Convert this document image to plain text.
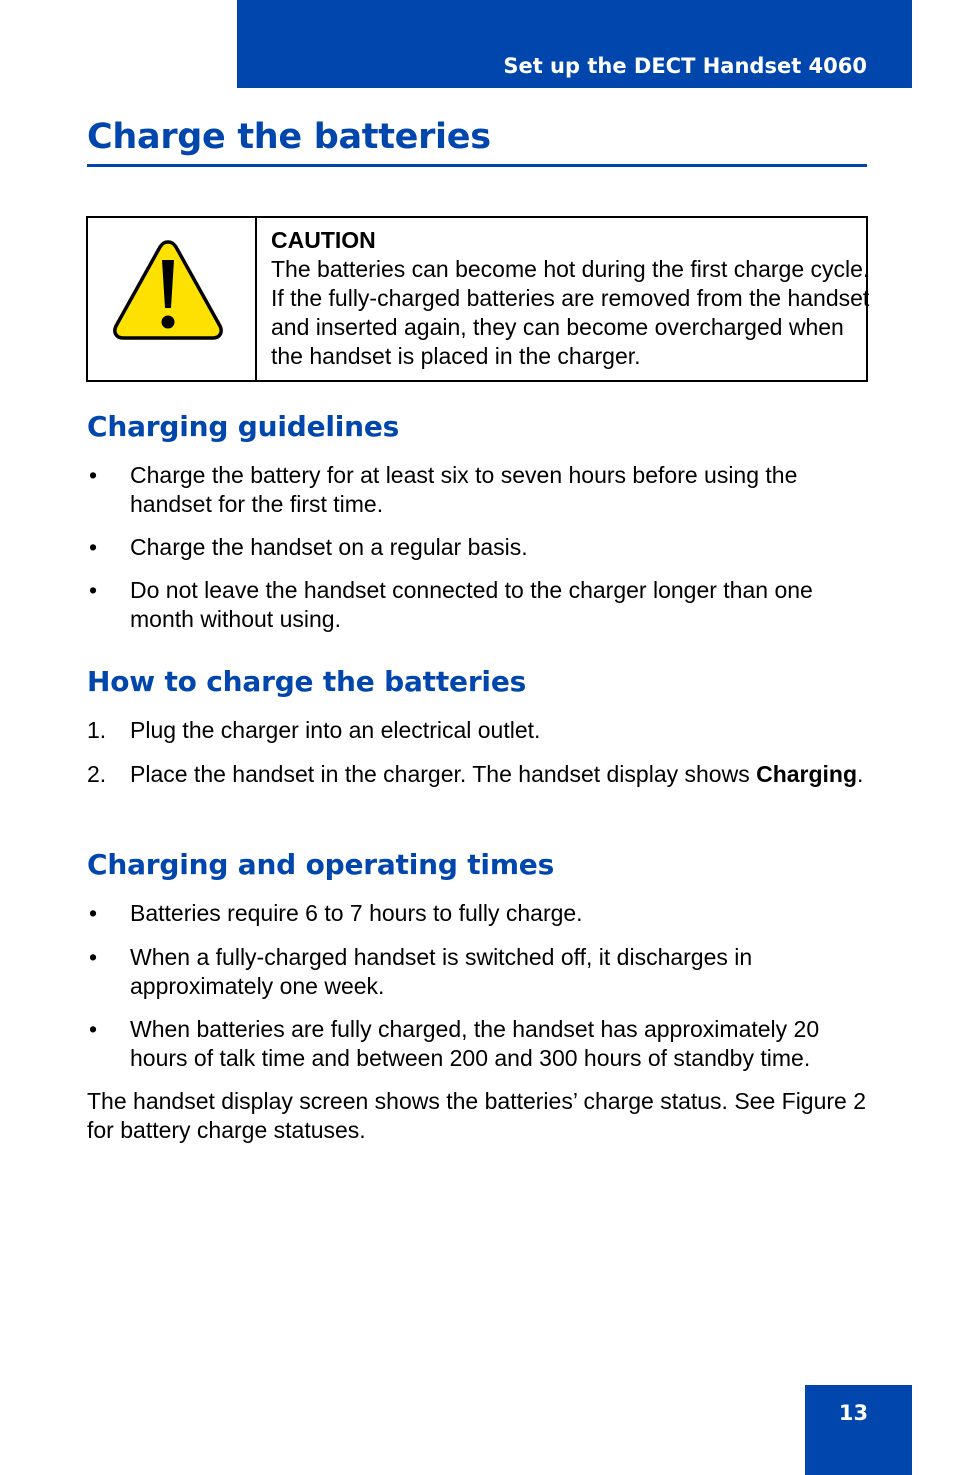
Set up the DECT Handset 4060
Charge the batteries
CAUTION
The batteries can become hot during the first charge cycle. If the fully-charged batteries are removed from the handset and inserted again, they can become overcharged when the handset is placed in the charger.
Charging guidelines
•	Charge the battery for at least six to seven hours before using the handset for the first time.
•	Charge the handset on a regular basis.
•	Do not leave the handset connected to the charger longer than one month without using.
How to charge the batteries
1.	Plug the charger into an electrical outlet.
2.	Place the handset in the charger. The handset display shows Charging.
Charging and operating times
•	Batteries require 6 to 7 hours to fully charge.
•	When a fully-charged handset is switched off, it discharges in approximately one week.
•	When batteries are fully charged, the handset has approximately 20 hours of talk time and between 200 and 300 hours of standby time.

The handset display screen shows the batteries’ charge status. See Figure 2 for battery charge statuses.

13
